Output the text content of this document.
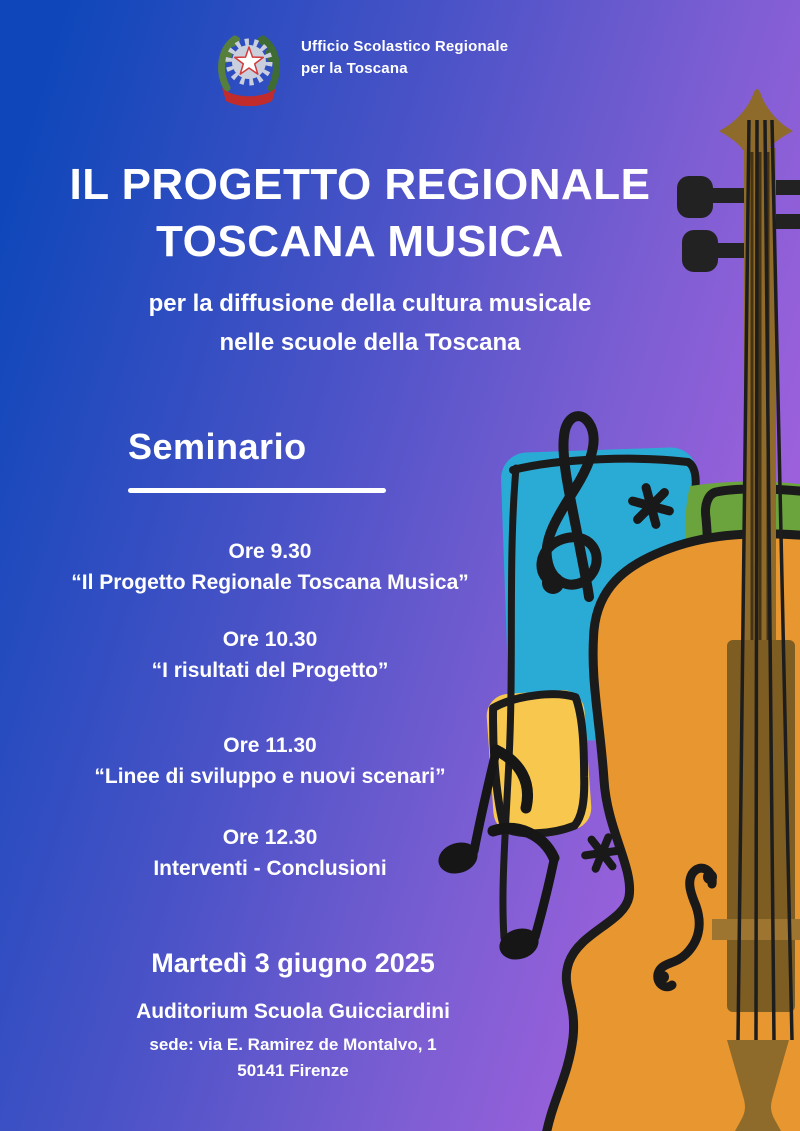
Ufficio Scolastico Regionale
per la Toscana
IL PROGETTO REGIONALE
TOSCANA MUSICA
per la diffusione della cultura musicale
nelle scuole della Toscana
Seminario
Ore 9.30
“Il Progetto Regionale Toscana Musica”
Ore 10.30
“I risultati del Progetto”
Ore 11.30
“Linee di sviluppo e nuovi scenari”
Ore 12.30
Interventi - Conclusioni
Martedì 3 giugno 2025
Auditorium Scuola Guicciardini
sede: via E. Ramirez de Montalvo, 1
50141 Firenze
